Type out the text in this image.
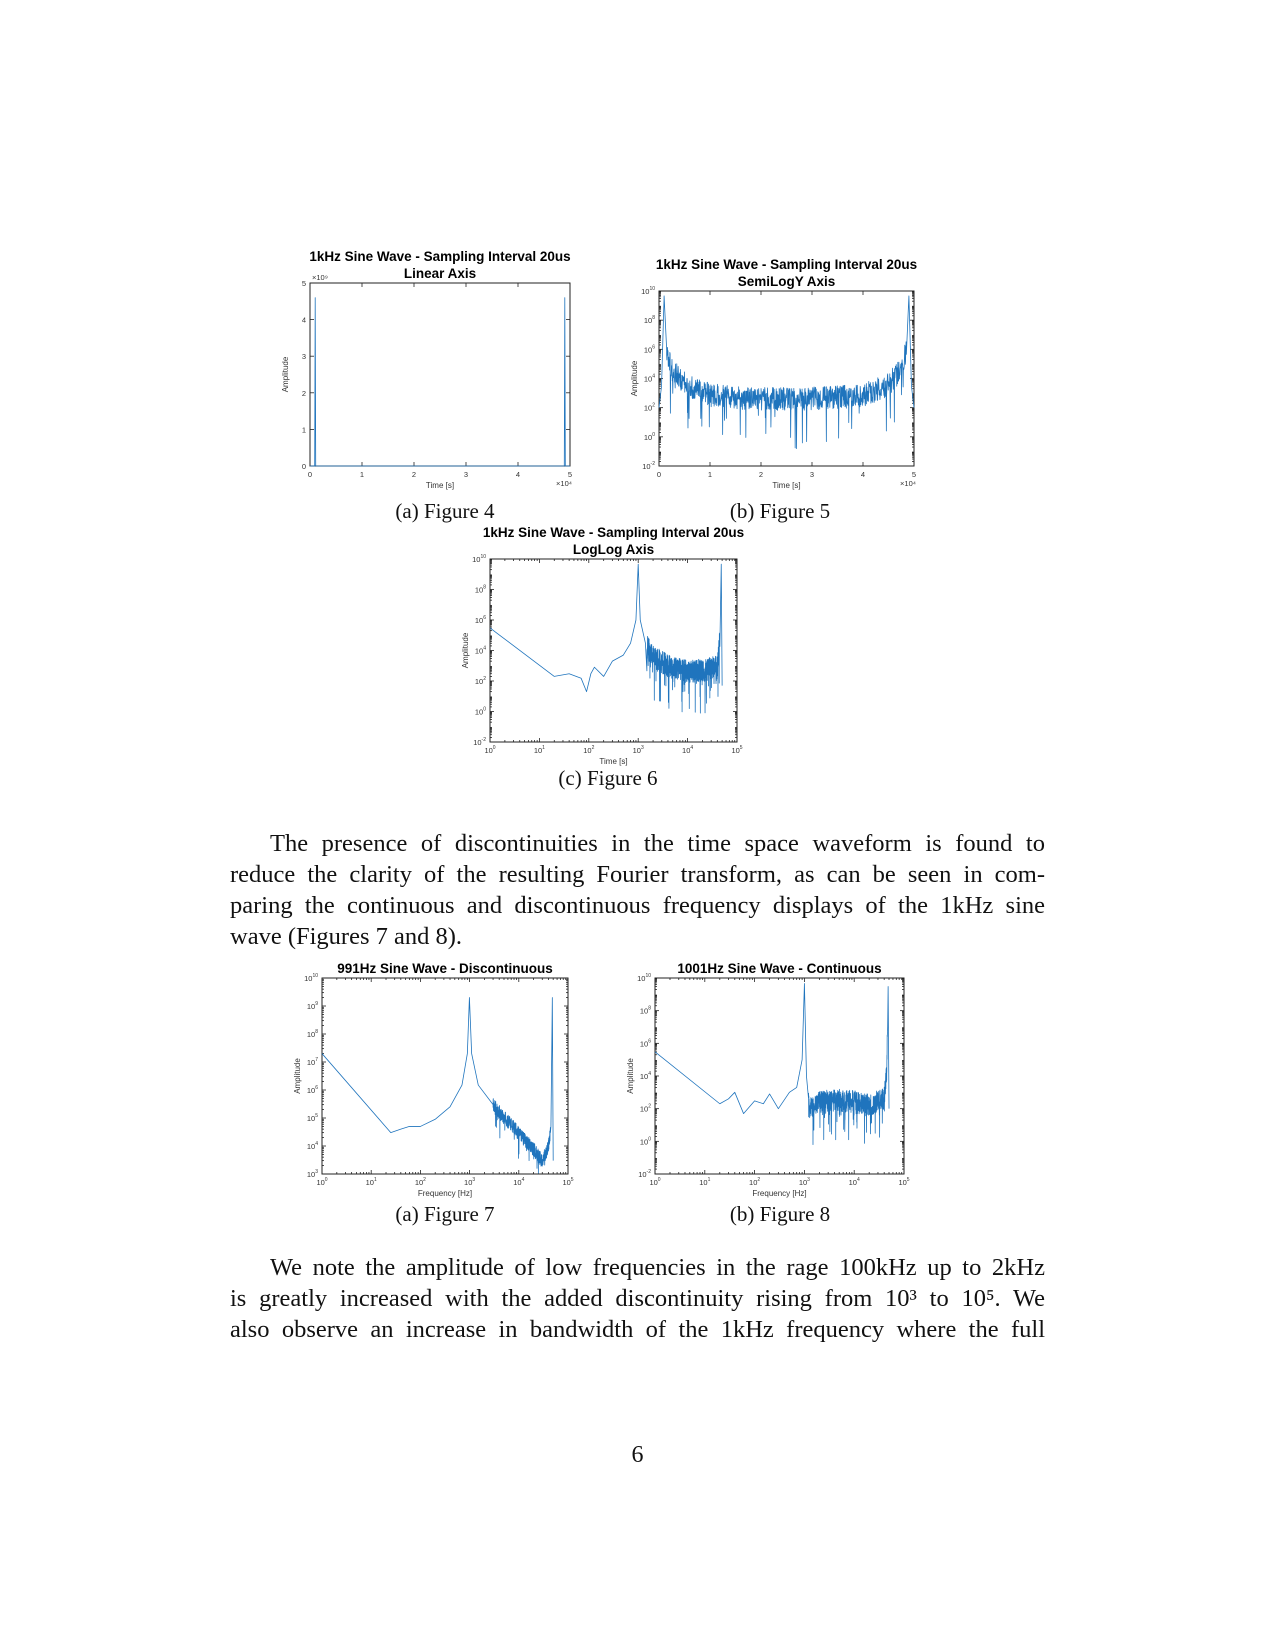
1kHz Sine Wave - Sampling Interval 20us
Linear Axis
0
1
2
3
4
5
0	1	2	3	4	5
×10⁹
×10⁴
Time [s]
Amplitude
(a) Figure 4
1kHz Sine Wave - Sampling Interval 20us
SemiLogY Axis
$10^{-2}$
$10^0$
$10^2$
$10^4$
$10^6$
$10^8$
$10^{10}$
0	1	2	3	4	5
×10⁴
Time [s]
Amplitude
(b) Figure 5
1kHz Sine Wave - Sampling Interval 20us
LogLog Axis
$10^{-2}$
$10^0$
$10^2$
$10^4$
$10^6$
$10^8$
$10^{10}$
$10^0$	$10^1$	$10^2$	$10^3$	$10^4$	$10^5$
Time [s]
Amplitude
(c) Figure 6
The presence of discontinuities in the time space waveform is found to
reduce the clarity of the resulting Fourier transform, as can be seen in com-
paring the continuous and discontinuous frequency displays of the 1kHz sine
wave (Figures 7 and 8).
991Hz Sine Wave - Discontinuous
$10^3$
$10^4$
$10^5$
$10^6$
$10^7$
$10^8$
$10^9$
$10^{10}$
$10^0$	$10^1$	$10^2$	$10^3$	$10^4$	$10^5$
Frequency [Hz]
Amplitude
(a) Figure 7
1001Hz Sine Wave - Continuous
$10^{-2}$
$10^0$
$10^2$
$10^4$
$10^6$
$10^8$
$10^{10}$
$10^0$	$10^1$	$10^2$	$10^3$	$10^4$	$10^5$
Frequency [Hz]
Amplitude
(b) Figure 8
We note the amplitude of low frequencies in the rage 100kHz up to 2kHz
is greatly increased with the added discontinuity rising from 10³ to 10⁵. We
also observe an increase in bandwidth of the 1kHz frequency where the full
6
